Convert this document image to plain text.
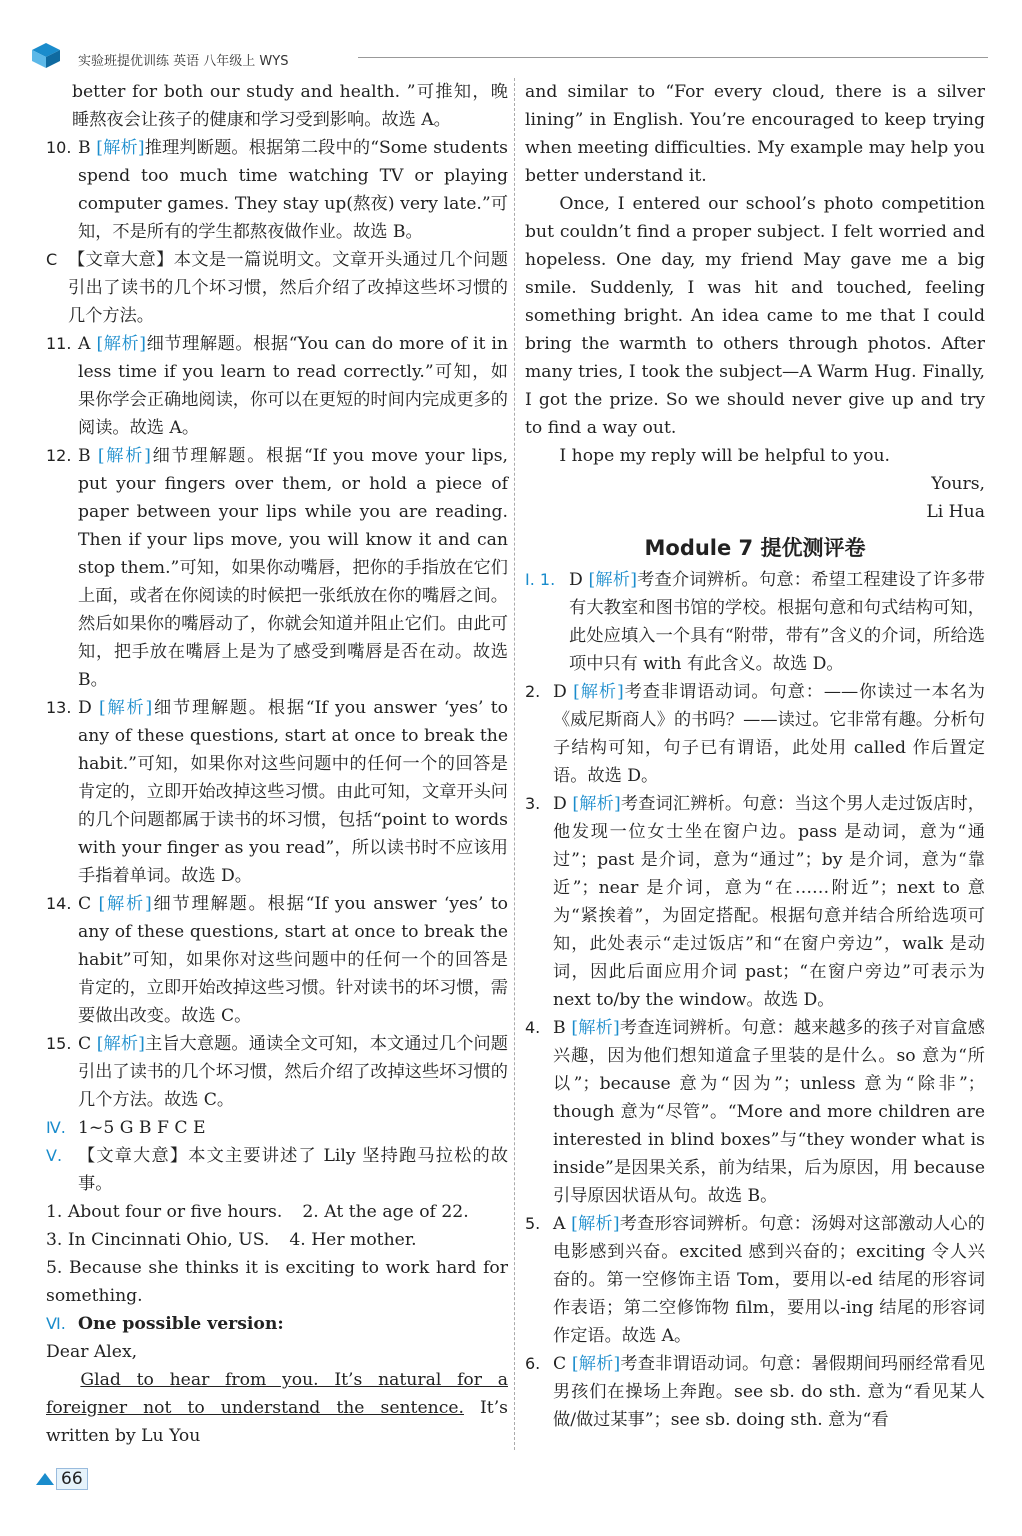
实验班提优训练 英语 八年级上 WYS
better for both our study and health. ”可推知，晚睡熬夜会让孩子的健康和学习受到影响。故选 A。
10. B [解析]推理判断题。根据第二段中的“Some students spend too much time watching TV or playing computer games. They stay up(熬夜) very late.”可知，不是所有的学生都熬夜做作业。故选 B。
C 【文章大意】本文是一篇说明文。文章开头通过几个问题引出了读书的几个坏习惯，然后介绍了改掉这些坏习惯的几个方法。
11. A [解析]细节理解题。根据“You can do more of it in less time if you learn to read correctly.”可知，如果你学会正确地阅读，你可以在更短的时间内完成更多的阅读。故选 A。
12. B [解析]细节理解题。根据“If you move your lips, put your fingers over them, or hold a piece of paper between your lips while you are reading. Then if your lips move, you will know it and can stop them.”可知，如果你动嘴唇，把你的手指放在它们上面，或者在你阅读的时候把一张纸放在你的嘴唇之间。然后如果你的嘴唇动了，你就会知道并阻止它们。由此可知，把手放在嘴唇上是为了感受到嘴唇是否在动。故选 B。
13. D [解析]细节理解题。根据“If you answer ‘yes’ to any of these questions, start at once to break the habit.”可知，如果你对这些问题中的任何一个的回答是肯定的，立即开始改掉这些习惯。由此可知，文章开头问的几个问题都属于读书的坏习惯，包括“point to words with your finger as you read”，所以读书时不应该用手指着单词。故选 D。
14. C [解析]细节理解题。根据“If you answer ‘yes’ to any of these questions, start at once to break the habit”可知，如果你对这些问题中的任何一个的回答是肯定的，立即开始改掉这些习惯。针对读书的坏习惯，需要做出改变。故选 C。
15. C [解析]主旨大意题。通读全文可知，本文通过几个问题引出了读书的几个坏习惯，然后介绍了改掉这些坏习惯的几个方法。故选 C。
Ⅳ. 1~5 G B F C E
Ⅴ. 【文章大意】本文主要讲述了 Lily 坚持跑马拉松的故事。
1. About four or five hours. 2. At the age of 22.
3. In Cincinnati Ohio, US. 4. Her mother.
5. Because she thinks it is exciting to work hard for something.
Ⅵ. One possible version:
Dear Alex,
Glad to hear from you. It’s natural for a foreigner not to understand the sentence. It’s written by Lu You
and similar to “For every cloud, there is a silver lining” in English. You’re encouraged to keep trying when meeting difficulties. My example may help you better understand it.
Once, I entered our school’s photo competition but couldn’t find a proper subject. I felt worried and hopeless. One day, my friend May gave me a big smile. Suddenly, I was hit and touched, feeling something bright. An idea came to me that I could bring the warmth to others through photos. After many tries, I took the subject—A Warm Hug. Finally, I got the prize. So we should never give up and try to find a way out.
I hope my reply will be helpful to you.
Yours,
Li Hua
Module 7 提优测评卷
Ⅰ. 1. D [解析]考查介词辨析。句意：希望工程建设了许多带有大教室和图书馆的学校。根据句意和句式结构可知，此处应填入一个具有“附带，带有”含义的介词，所给选项中只有 with 有此含义。故选 D。
2. D [解析]考查非谓语动词。句意：——你读过一本名为《威尼斯商人》的书吗？——读过。它非常有趣。分析句子结构可知，句子已有谓语，此处用 called 作后置定语。故选 D。
3. D [解析]考查词汇辨析。句意：当这个男人走过饭店时，他发现一位女士坐在窗户边。pass 是动词，意为“通过”；past 是介词，意为“通过”；by 是介词，意为“靠近”；near 是介词，意为“在……附近”；next to 意为“紧挨着”，为固定搭配。根据句意并结合所给选项可知，此处表示“走过饭店”和“在窗户旁边”，walk 是动词，因此后面应用介词 past；“在窗户旁边”可表示为 next to/by the window。故选 D。
4. B [解析]考查连词辨析。句意：越来越多的孩子对盲盒感兴趣，因为他们想知道盒子里装的是什么。so 意为“所以”；because 意为“因为”；unless 意为“除非”；though 意为“尽管”。“More and more children are interested in blind boxes”与“they wonder what is inside”是因果关系，前为结果，后为原因，用 because 引导原因状语从句。故选 B。
5. A [解析]考查形容词辨析。句意：汤姆对这部激动人心的电影感到兴奋。excited 感到兴奋的；exciting 令人兴奋的。第一空修饰主语 Tom，要用以-ed 结尾的形容词作表语；第二空修饰物 film，要用以-ing 结尾的形容词作定语。故选 A。
6. C [解析]考查非谓语动词。句意：暑假期间玛丽经常看见男孩们在操场上奔跑。see sb. do sth. 意为“看见某人做/做过某事”；see sb. doing sth. 意为“看
66
